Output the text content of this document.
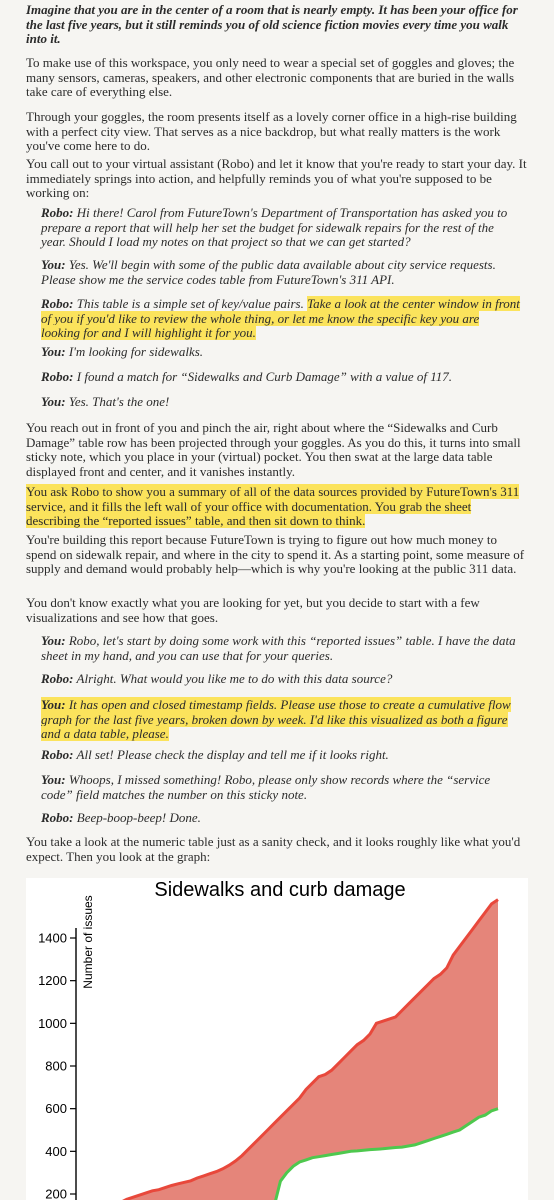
Imagine that you are in the center of a room that is nearly empty. It has been your office for the last five years, but it still reminds you of old science fiction movies every time you walk into it.

To make use of this workspace, you only need to wear a special set of goggles and gloves; the many sensors, cameras, speakers, and other electronic components that are buried in the walls take care of everything else.

Through your goggles, the room presents itself as a lovely corner office in a high-rise building with a perfect city view. That serves as a nice backdrop, but what really matters is the work you've come here to do.

You call out to your virtual assistant (Robo) and let it know that you're ready to start your day. It immediately springs into action, and helpfully reminds you of what you're supposed to be working on:

Robo: Hi there! Carol from FutureTown's Department of Transportation has asked you to prepare a report that will help her set the budget for sidewalk repairs for the rest of the year. Should I load my notes on that project so that we can get started?

You: Yes. We'll begin with some of the public data available about city service requests. Please show me the service codes table from FutureTown's 311 API.

Robo: This table is a simple set of key/value pairs. Take a look at the center window in front of you if you'd like to review the whole thing, or let me know the specific key you are looking for and I will highlight it for you.

You: I'm looking for sidewalks.

Robo: I found a match for “Sidewalks and Curb Damage” with a value of 117.

You: Yes. That's the one!

You reach out in front of you and pinch the air, right about where the “Sidewalks and Curb Damage” table row has been projected through your goggles. As you do this, it turns into small sticky note, which you place in your (virtual) pocket. You then swat at the large data table displayed front and center, and it vanishes instantly.

You ask Robo to show you a summary of all of the data sources provided by FutureTown's 311 service, and it fills the left wall of your office with documentation. You grab the sheet describing the “reported issues” table, and then sit down to think.

You're building this report because FutureTown is trying to figure out how much money to spend on sidewalk repair, and where in the city to spend it. As a starting point, some measure of supply and demand would probably help—which is why you're looking at the public 311 data.

You don't know exactly what you are looking for yet, but you decide to start with a few visualizations and see how that goes.

You: Robo, let's start by doing some work with this “reported issues” table. I have the data sheet in my hand, and you can use that for your queries.

Robo: Alright. What would you like me to do with this data source?

You: It has open and closed timestamp fields. Please use those to create a cumulative flow graph for the last five years, broken down by week. I'd like this visualized as both a figure and a data table, please.

Robo: All set! Please check the display and tell me if it looks right.

You: Whoops, I missed something! Robo, please only show records where the “service code” field matches the number on this sticky note.

Robo: Beep-boop-beep! Done.

You take a look at the numeric table just as a sanity check, and it looks roughly like what you'd expect. Then you look at the graph:

Sidewalks and curb damage
Number of issues
200
400
600
800
1000
1200
1400
